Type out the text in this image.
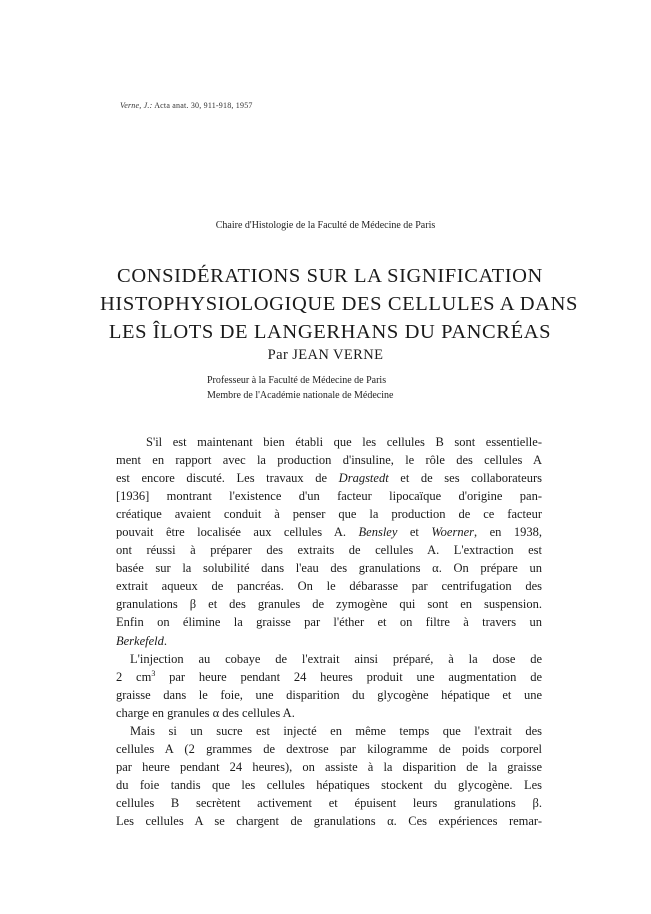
Verne, J.: Acta anat. 30, 911-918, 1957
Chaire d'Histologie de la Faculté de Médecine de Paris
CONSIDÉRATIONS SUR LA SIGNIFICATION
HISTOPHYSIOLOGIQUE DES CELLULES A DANS
LES ÎLOTS DE LANGERHANS DU PANCRÉAS
Par JEAN VERNE
Professeur à la Faculté de Médecine de Paris
Membre de l'Académie nationale de Médecine
S'il est maintenant bien établi que les cellules B sont essentielle-
ment en rapport avec la production d'insuline, le rôle des cellules A
est encore discuté. Les travaux de Dragstedt et de ses collaborateurs
[1936] montrant l'existence d'un facteur lipocaïque d'origine pan-
créatique avaient conduit à penser que la production de ce facteur
pouvait être localisée aux cellules A. Bensley et Woerner, en 1938,
ont réussi à préparer des extraits de cellules A. L'extraction est
basée sur la solubilité dans l'eau des granulations α. On prépare un
extrait aqueux de pancréas. On le débarasse par centrifugation des
granulations β et des granules de zymogène qui sont en suspension.
Enfin on élimine la graisse par l'éther et on filtre à travers un
Berkefeld.
L'injection au cobaye de l'extrait ainsi préparé, à la dose de
2 $cm^3$ par heure pendant 24 heures produit une augmentation de
graisse dans le foie, une disparition du glycogène hépatique et une
charge en granules α des cellules A.
Mais si un sucre est injecté en même temps que l'extrait des
cellules A (2 grammes de dextrose par kilogramme de poids corporel
par heure pendant 24 heures), on assiste à la disparition de la graisse
du foie tandis que les cellules hépatiques stockent du glycogène. Les
cellules B secrètent activement et épuisent leurs granulations β.
Les cellules A se chargent de granulations α. Ces expériences remar-
